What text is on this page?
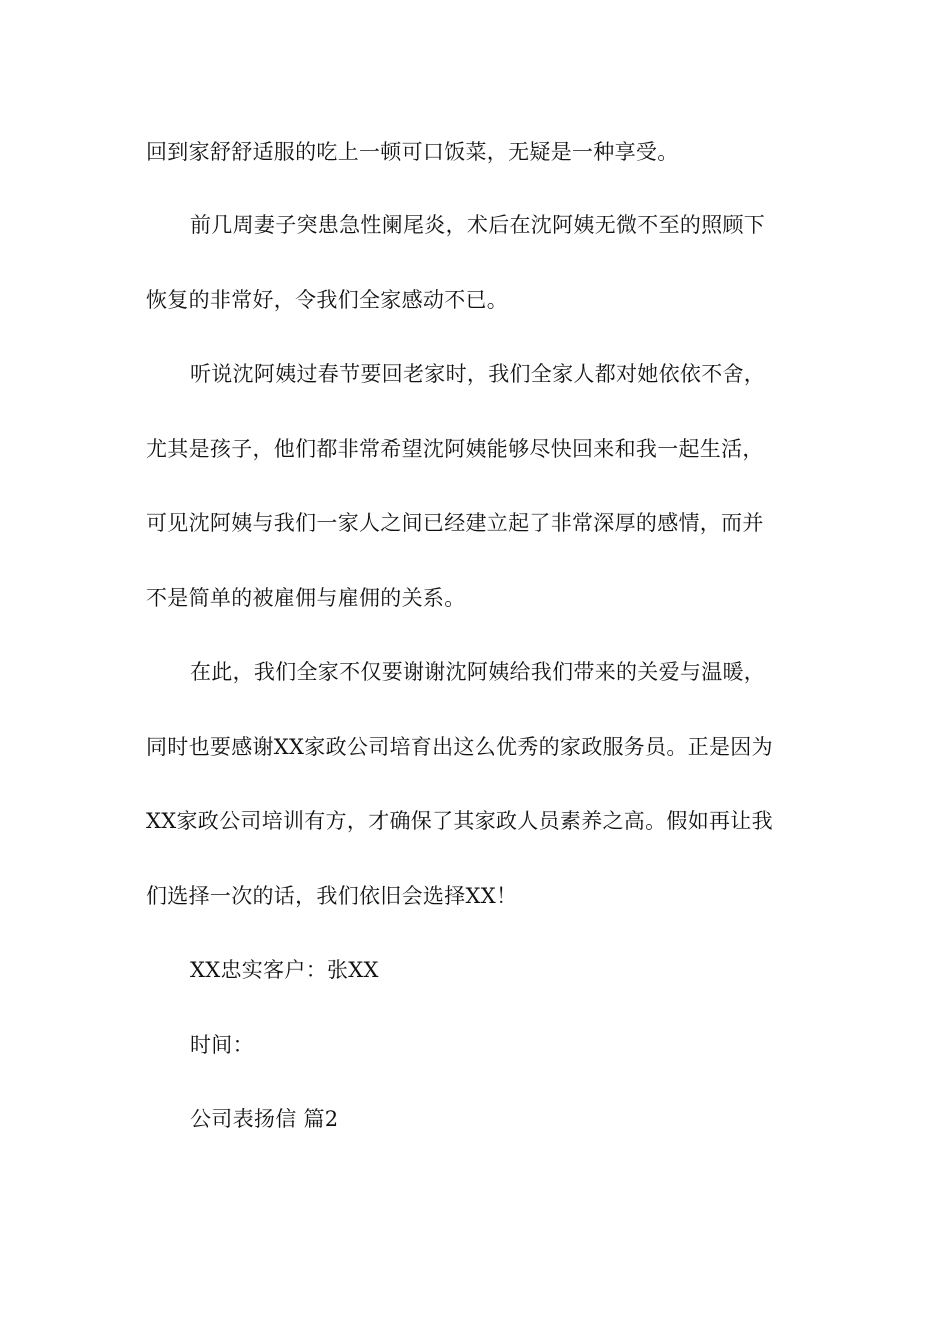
回到家舒舒适服的吃上一顿可口饭菜，无疑是一种享受。
前几周妻子突患急性阑尾炎，术后在沈阿姨无微不至的照顾下
恢复的非常好，令我们全家感动不已。
听说沈阿姨过春节要回老家时，我们全家人都对她依依不舍，
尤其是孩子，他们都非常希望沈阿姨能够尽快回来和我一起生活，
可见沈阿姨与我们一家人之间已经建立起了非常深厚的感情，而并
不是简单的被雇佣与雇佣的关系。
在此，我们全家不仅要谢谢沈阿姨给我们带来的关爱与温暖，
同时也要感谢XX家政公司培育出这么优秀的家政服务员。正是因为
XX家政公司培训有方，才确保了其家政人员素养之高。假如再让我
们选择一次的话，我们依旧会选择XX！
XX忠实客户：张XX
时间：
公司表扬信 篇2
